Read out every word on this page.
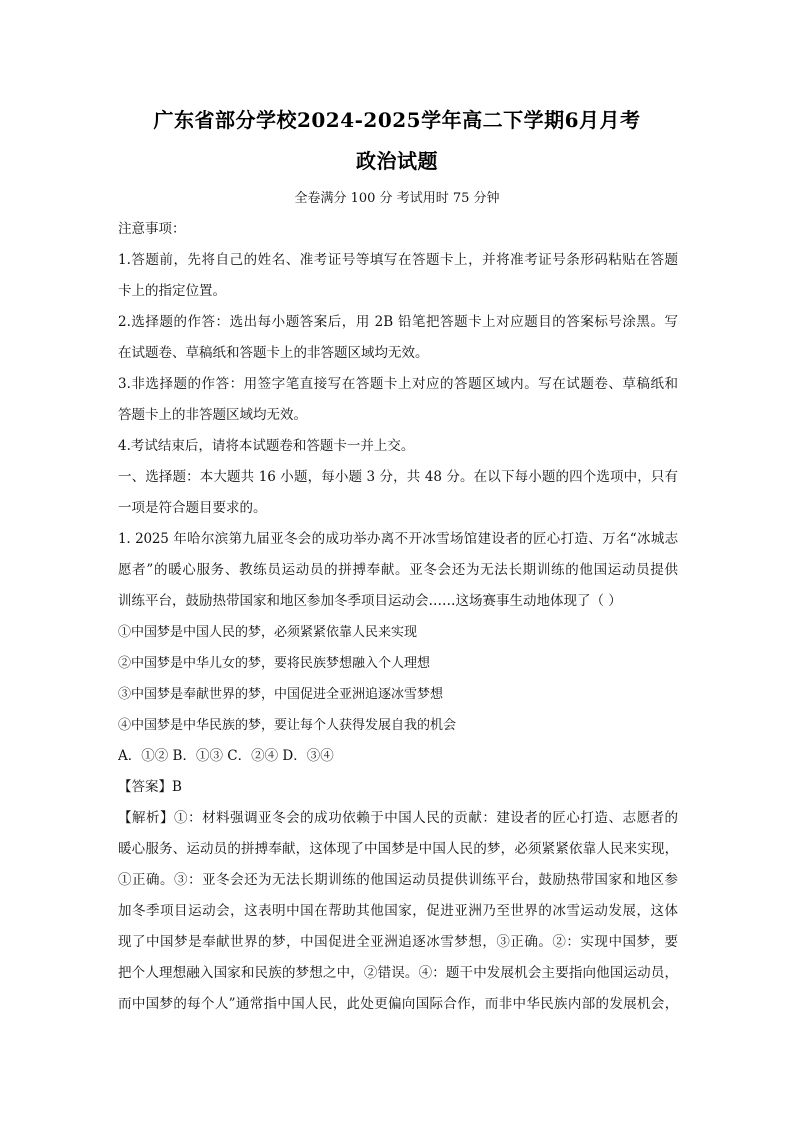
广东省部分学校2024-2025学年高二下学期6月月考
政治试题
全卷满分 100 分 考试用时 75 分钟
注意事项：
1.答题前，先将自己的姓名、准考证号等填写在答题卡上，并将准考证号条形码粘贴在答题
卡上的指定位置。
2.选择题的作答：选出每小题答案后，用 2B 铅笔把答题卡上对应题目的答案标号涂黑。写
在试题卷、草稿纸和答题卡上的非答题区域均无效。
3.非选择题的作答：用签字笔直接写在答题卡上对应的答题区域内。写在试题卷、草稿纸和
答题卡上的非答题区域均无效。
4.考试结束后，请将本试题卷和答题卡一并上交。
一、选择题：本大题共 16 小题，每小题 3 分，共 48 分。在以下每小题的四个选项中，只有
一项是符合题目要求的。
1. 2025 年哈尔滨第九届亚冬会的成功举办离不开冰雪场馆建设者的匠心打造、万名“冰城志
愿者”的暖心服务、教练员运动员的拼搏奉献。亚冬会还为无法长期训练的他国运动员提供
训练平台，鼓励热带国家和地区参加冬季项目运动会……这场赛事生动地体现了（ ）
①中国梦是中国人民的梦，必须紧紧依靠人民来实现
②中国梦是中华儿女的梦，要将民族梦想融入个人理想
③中国梦是奉献世界的梦，中国促进全亚洲追逐冰雪梦想
④中国梦是中华民族的梦，要让每个人获得发展自我的机会
A．①② B．①③ C．②④ D．③④
【答案】B
【解析】①：材料强调亚冬会的成功依赖于中国人民的贡献：建设者的匠心打造、志愿者的
暖心服务、运动员的拼搏奉献，这体现了中国梦是中国人民的梦，必须紧紧依靠人民来实现，
①正确。③：亚冬会还为无法长期训练的他国运动员提供训练平台，鼓励热带国家和地区参
加冬季项目运动会，这表明中国在帮助其他国家，促进亚洲乃至世界的冰雪运动发展，这体
现了中国梦是奉献世界的梦，中国促进全亚洲追逐冰雪梦想，③正确。②：实现中国梦，要
把个人理想融入国家和民族的梦想之中，②错误。④：题干中发展机会主要指向他国运动员，
而中国梦的每个人”通常指中国人民，此处更偏向国际合作，而非中华民族内部的发展机会，
